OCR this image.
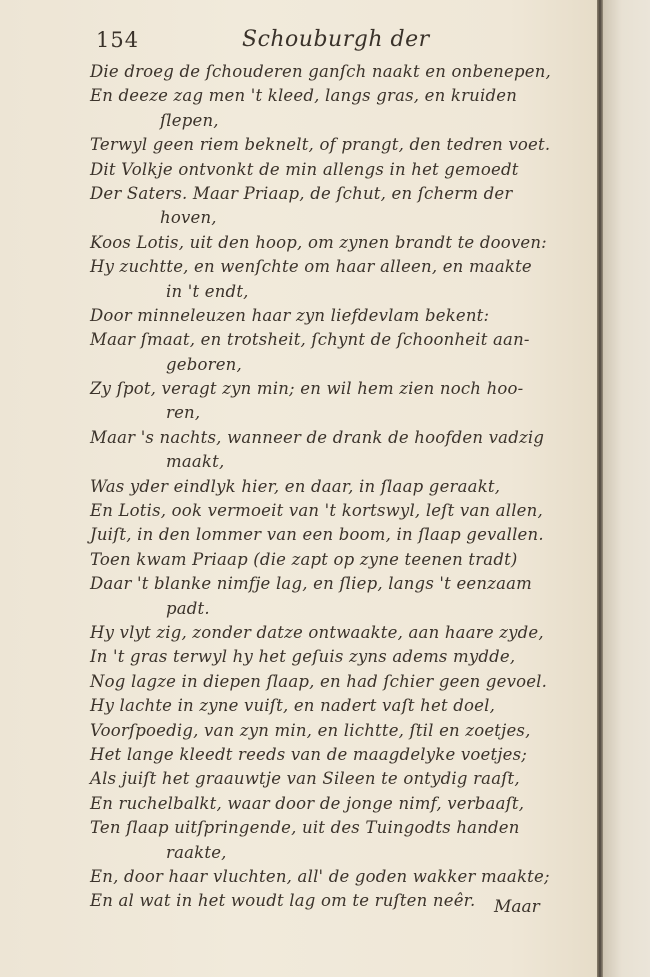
154	Schouburgh der
Die droeg de ſchouderen ganſch naakt en onbenepen,
En deeze zag men 't kleed, langs gras, en kruiden
ſlepen,
Terwyl geen riem beknelt, of prangt, den tedren voet.
Dit Volkje ontvonkt de min allengs in het gemoedt
Der Saters. Maar Priaap, de ſchut, en ſcherm der
hoven,
Koos Lotis, uit den hoop, om zynen brandt te dooven:
Hy zuchtte, en wenſchte om haar alleen, en maakte
in 't endt,
Door minneleuzen haar zyn liefdevlam bekent:
Maar ſmaat, en trotsheit, ſchynt de ſchoonheit aan-
geboren,
Zy ſpot, veragt zyn min; en wil hem zien noch hoo-
ren,
Maar 's nachts, wanneer de drank de hoofden vadzig
maakt,
Was yder eindlyk hier, en daar, in ſlaap geraakt,
En Lotis, ook vermoeit van 't kortswyl, leſt van allen,
Juiſt, in den lommer van een boom, in ſlaap gevallen.
Toen kwam Priaap (die zapt op zyne teenen tradt)
Daar 't blanke nimfje lag, en ſliep, langs 't eenzaam
padt.
Hy vlyt zig, zonder datze ontwaakte, aan haare zyde,
In 't gras terwyl hy het geſuis zyns adems mydde,
Nog lagze in diepen ſlaap, en had ſchier geen gevoel.
Hy lachte in zyne vuiſt, en nadert vaſt het doel,
Voorſpoedig, van zyn min, en lichtte, ſtil en zoetjes,
Het lange kleedt reeds van de maagdelyke voetjes;
Als juiſt het graauwtje van Sileen te ontydig raaſt,
En ruchelbalkt, waar door de jonge nimf, verbaaſt,
Ten ſlaap uitſpringende, uit des Tuingodts handen
raakte,
En, door haar vluchten, all' de goden wakker maakte;
En al wat in het woudt lag om te ruſten neêr.	Maar
